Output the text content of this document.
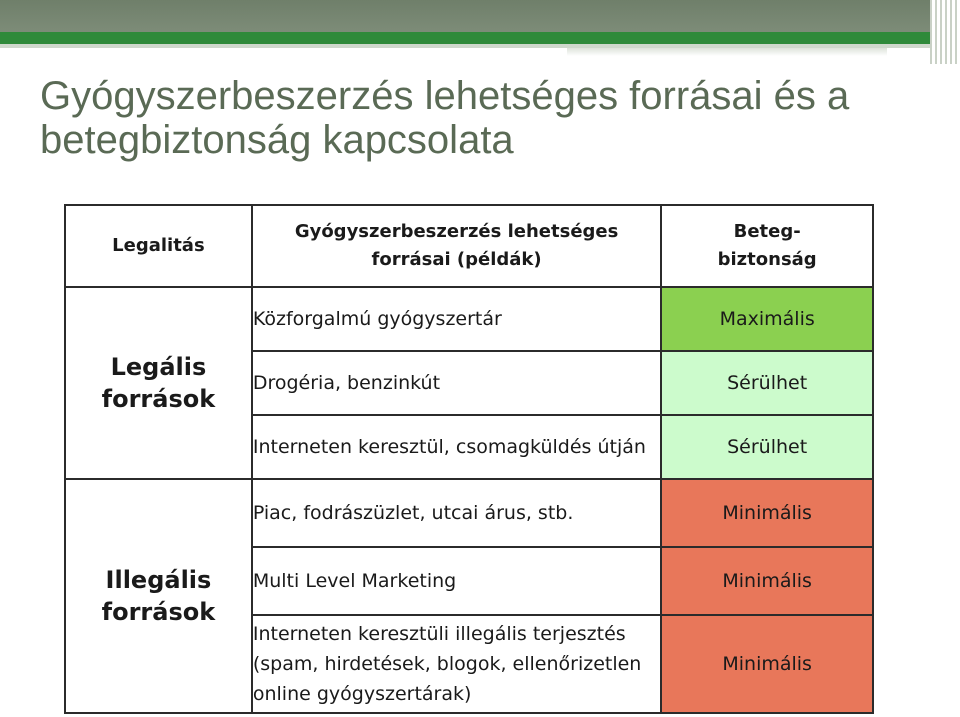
Gyógyszerbeszerzés lehetséges forrásai és a betegbiztonság kapcsolata
Legalitás	Gyógyszerbeszerzés lehetséges forrásai (példák)	Beteg-biztonság
Legális források	Közforgalmú gyógyszertár	Maximális
	Drogéria, benzinkút	Sérülhet
	Interneten keresztül, csomagküldés útján	Sérülhet
Illegális források	Piac, fodrászüzlet, utcai árus, stb.	Minimális
	Multi Level Marketing	Minimális
	Interneten keresztüli illegális terjesztés (spam, hirdetések, blogok, ellenőrizetlen online gyógyszertárak)	Minimális
